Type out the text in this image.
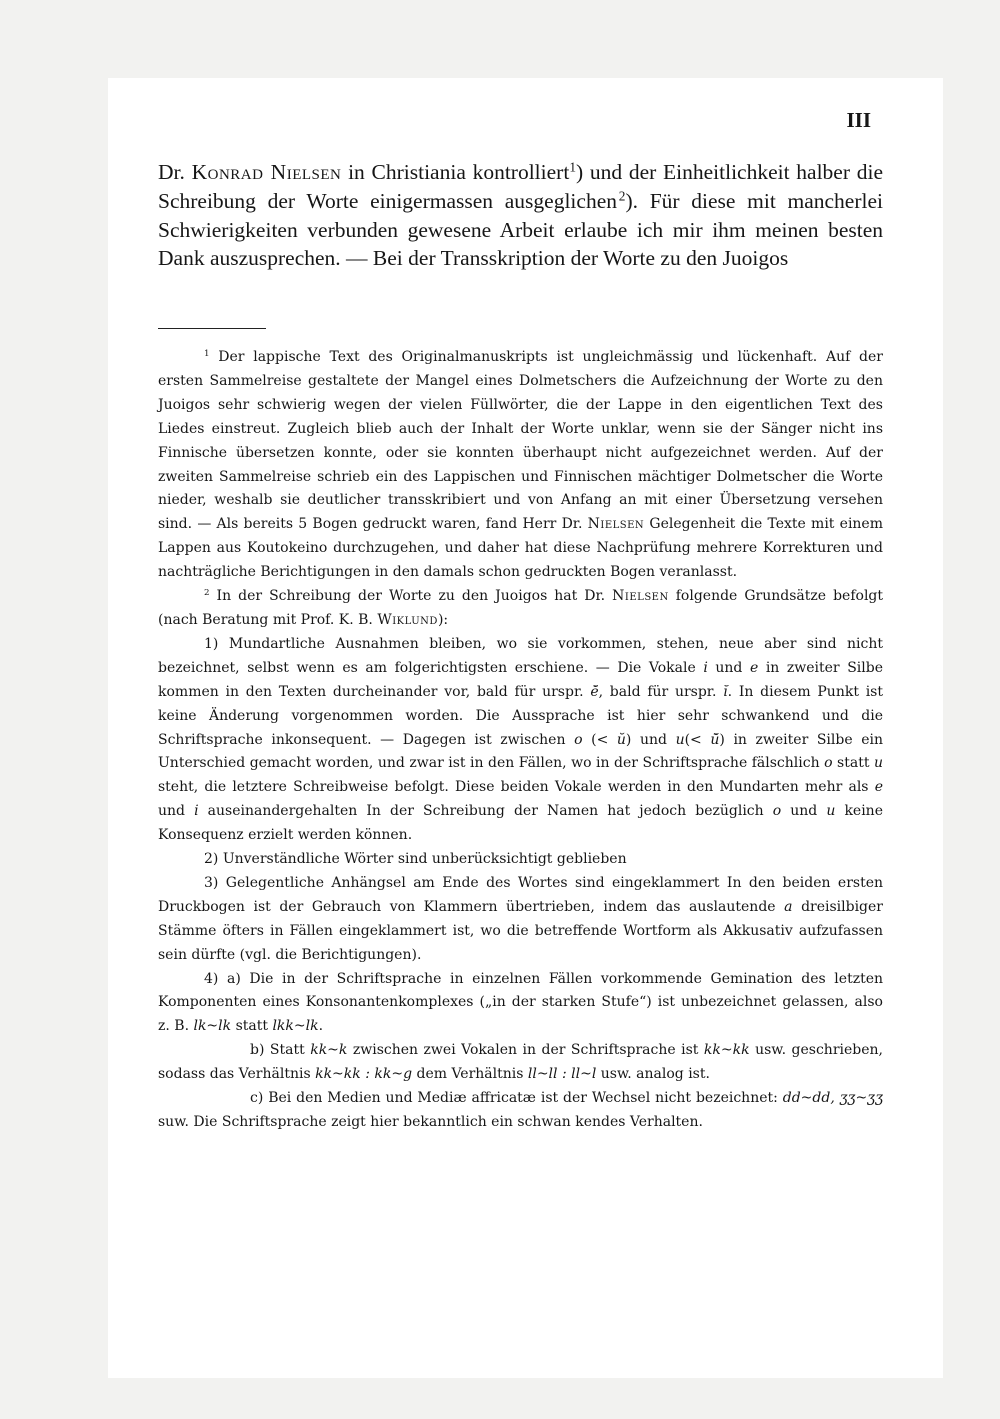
III

Dr. Konrad Nielsen in Christiania kontrolliert$^1$) und der Einheitlichkeit halber die Schreibung der Worte einigermassen ausgeglichen  $^2$). Für diese mit mancherlei Schwierigkeiten verbunden gewesene Arbeit erlaube ich mir ihm meinen besten Dank auszusprechen. — Bei der Transskription der Worte zu den Juoigos

$^1$ Der lappische Text des Originalmanuskripts ist ungleichmässig und lückenhaft. Auf der ersten Sammelreise gestaltete der Mangel eines Dolmetschers die Aufzeichnung der Worte zu den Juoigos sehr schwierig wegen der vielen Füllwörter, die der Lappe in den eigentlichen Text des Liedes einstreut. Zugleich blieb auch der Inhalt der Worte unklar, wenn sie der Sänger nicht ins Finnische übersetzen konnte, oder sie konnten überhaupt nicht aufgezeichnet werden. Auf der zweiten Sammelreise schrieb ein des Lappischen und Finnischen mächtiger Dolmetscher die Worte nieder, weshalb sie deutlicher transskribiert und von Anfang an mit einer Übersetzung versehen sind. — Als bereits 5 Bogen gedruckt waren, fand Herr Dr. Nielsen Gelegenheit die Texte mit einem Lappen aus Koutokeino durchzugehen, und daher hat diese Nachprüfung mehrere Korrekturen und nachträgliche Berichtigungen in den damals schon gedruckten Bogen veranlasst.

$^2$ In der Schreibung der Worte zu den Juoigos hat Dr. Nielsen folgende Grundsätze befolgt (nach Beratung mit Prof. K. B. Wiklund):

1) Mundartliche Ausnahmen bleiben, wo sie vorkommen, stehen, neue aber sind nicht bezeichnet, selbst wenn es am folgerichtigsten erschiene. — Die Vokale i und e in zweiter Silbe kommen in den Texten durcheinander vor, bald für urspr. ē̆, bald für urspr. ĭ. In diesem Punkt ist keine Änderung vorgenommen worden. Die Aussprache ist hier sehr schwankend und die Schriftsprache inkonsequent. — Dagegen ist zwischen o (< ŭ) und u(< ū̆) in zweiter Silbe ein Unterschied gemacht worden, und zwar ist in den Fällen, wo in der Schriftsprache fälschlich o statt u steht, die letztere Schreibweise befolgt. Diese beiden Vokale werden in den Mundarten mehr als e und i auseinandergehalten In der Schreibung der Namen hat jedoch bezüglich o und u keine Konsequenz erzielt werden können.

2) Unverständliche Wörter sind unberücksichtigt geblieben

3) Gelegentliche Anhängsel am Ende des Wortes sind eingeklammert In den beiden ersten Druckbogen ist der Gebrauch von Klammern übertrieben, indem das auslautende a dreisilbiger Stämme öfters in Fällen eingeklammert ist, wo die betreffende Wortform als Akkusativ aufzufassen sein dürfte (vgl. die Berichtigungen).

4) a) Die in der Schriftsprache in einzelnen Fällen vorkommende Gemination des letzten Komponenten eines Konsonantenkomplexes („in der starken Stufe“) ist unbezeichnet gelassen, also z. B. lk~lk statt lkk~lk.

b) Statt kk~k zwischen zwei Vokalen in der Schriftsprache ist kk~kk usw. geschrieben, sodass das Verhältnis kk~kk : kk~g dem Verhältnis ll~ll : ll~l usw. analog ist.

c) Bei den Medien und Mediæ affricatæ ist der Wechsel nicht bezeichnet: dd~dd, ʒʒ~ʒʒ suw. Die Schriftsprache zeigt hier bekanntlich ein schwan kendes Verhalten.
